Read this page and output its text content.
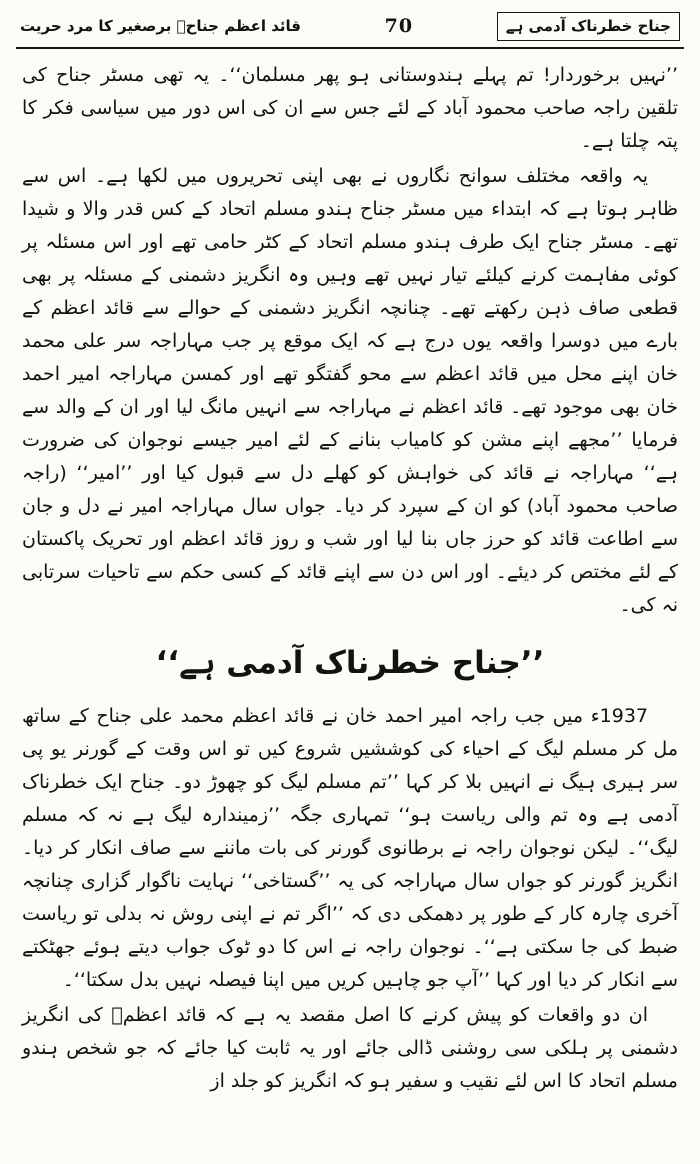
قائد اعظم جناحؒ برصغیر کا مرد حریت	70	جناح خطرناک آدمی ہے

’’نہیں برخوردار! تم پہلے ہندوستانی ہو پھر مسلمان‘‘۔ یہ تھی مسٹر جناح کی تلقین راجہ صاحب محمود آباد کے لئے جس سے ان کی اس دور میں سیاسی فکر کا پتہ چلتا ہے۔

یہ واقعہ مختلف سوانح نگاروں نے بھی اپنی تحریروں میں لکھا ہے۔ اس سے ظاہر ہوتا ہے کہ ابتداء میں مسٹر جناح ہندو مسلم اتحاد کے کس قدر والا و شیدا تھے۔ مسٹر جناح ایک طرف ہندو مسلم اتحاد کے کٹر حامی تھے اور اس مسئلہ پر کوئی مفاہمت کرنے کیلئے تیار نہیں تھے وہیں وہ انگریز دشمنی کے مسئلہ پر بھی قطعی صاف ذہن رکھتے تھے۔ چنانچہ انگریز دشمنی کے حوالے سے قائد اعظم کے بارے میں دوسرا واقعہ یوں درج ہے کہ ایک موقع پر جب مہاراجہ سر علی محمد خان اپنے محل میں قائد اعظم سے محو گفتگو تھے اور کمسن مہاراجہ امیر احمد خان بھی موجود تھے۔ قائد اعظم نے مہاراجہ سے انہیں مانگ لیا اور ان کے والد سے فرمایا ’’مجھے اپنے مشن کو کامیاب بنانے کے لئے امیر جیسے نوجوان کی ضرورت ہے‘‘ مہاراجہ نے قائد کی خواہش کو کھلے دل سے قبول کیا اور ’’امیر‘‘ (راجہ صاحب محمود آباد) کو ان کے سپرد کر دیا۔ جواں سال مہاراجہ امیر نے دل و جان سے اطاعت قائد کو حرز جاں بنا لیا اور شب و روز قائد اعظم اور تحریک پاکستان کے لئے مختص کر دیئے۔ اور اس دن سے اپنے قائد کے کسی حکم سے تاحیات سرتابی نہ کی۔

’’جناح خطرناک آدمی ہے‘‘

1937ء میں جب راجہ امیر احمد خان نے قائد اعظم محمد علی جناح کے ساتھ مل کر مسلم لیگ کے احیاء کی کوششیں شروع کیں تو اس وقت کے گورنر یو پی سر ہیری ہیگ نے انہیں بلا کر کہا ’’تم مسلم لیگ کو چھوڑ دو۔ جناح ایک خطرناک آدمی ہے وہ تم والی ریاست ہو‘‘ تمہاری جگہ ’’زمیندارہ لیگ ہے نہ کہ مسلم لیگ‘‘۔ لیکن نوجوان راجہ نے برطانوی گورنر کی بات ماننے سے صاف انکار کر دیا۔ انگریز گورنر کو جواں سال مہاراجہ کی یہ ’’گستاخی‘‘ نہایت ناگوار گزاری چنانچہ آخری چارہ کار کے طور پر دھمکی دی کہ ’’اگر تم نے اپنی روش نہ بدلی تو ریاست ضبط کی جا سکتی ہے‘‘۔ نوجوان راجہ نے اس کا دو ٹوک جواب دیتے ہوئے جھٹکتے سے انکار کر دیا اور کہا ’’آپ جو چاہیں کریں میں اپنا فیصلہ نہیں بدل سکتا‘‘۔

ان دو واقعات کو پیش کرنے کا اصل مقصد یہ ہے کہ قائد اعظمؒ کی انگریز دشمنی پر ہلکی سی روشنی ڈالی جائے اور یہ ثابت کیا جائے کہ جو شخص ہندو مسلم اتحاد کا اس لئے نقیب و سفیر ہو کہ انگریز کو جلد از
